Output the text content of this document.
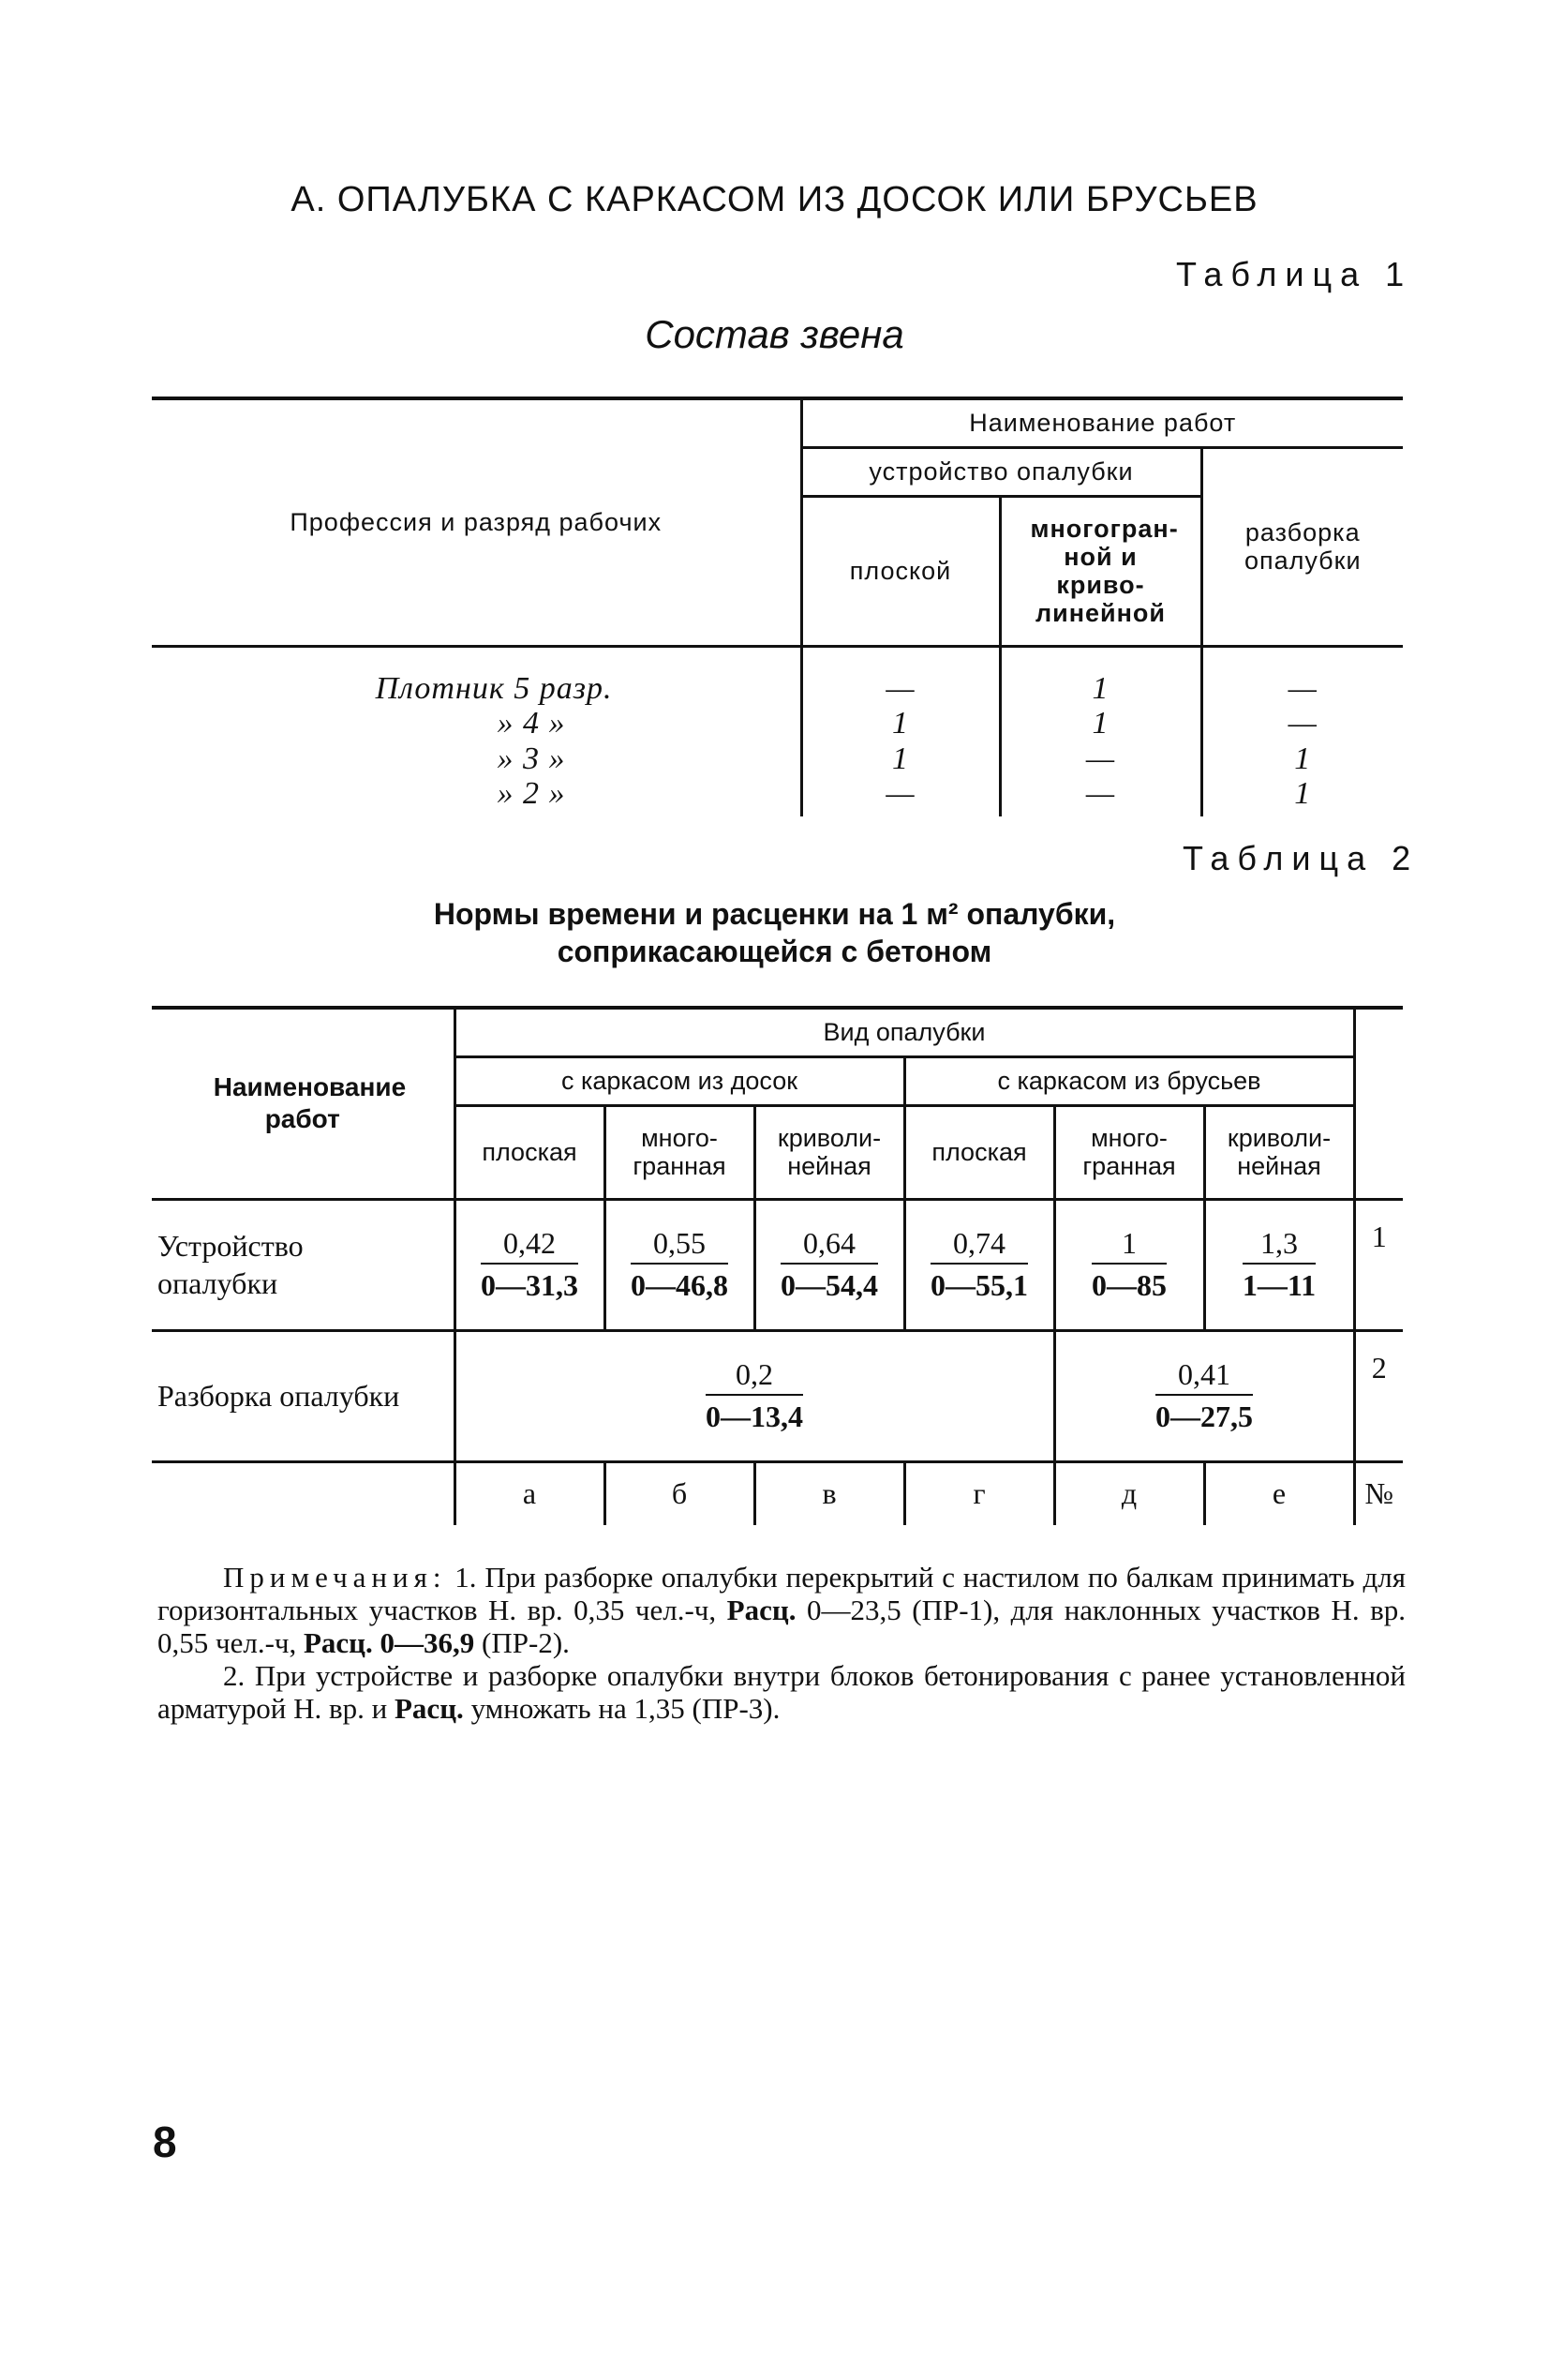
А. ОПАЛУБКА С КАРКАСОМ ИЗ ДОСОК ИЛИ БРУСЬЕВ
Таблица 1
Состав звена
Профессия и разряд рабочих	Наименование работ		
	устройство опалубки		разборка опалубки
	плоской	многогран-ной и криво-линейной	
Плотник 5 разр.	—	1	—
» 4 »	1	1	—
» 3 »	1	—	1
» 2 »	—	—	1
Таблица 2
Нормы времени и расценки на 1 м² опалубки,
соприкасающейся с бетоном
Наименование работ	Вид опалубки						
	с каркасом из досок			с каркасом из брусьев			
	плоская	много-гранная	криволи-нейная	плоская	много-гранная	криволи-нейная	
Устройство опалубки	$\frac{0,42}{0—31,3}$	$\frac{0,55}{0—46,8}$	$\frac{0,64}{0—54,4}$	$\frac{0,74}{0—55,1}$	$\frac{1}{0—85}$	$\frac{1,3}{1—11}$	1
Разборка опалубки	$\frac{0,2}{0—13,4}$				$\frac{0,41}{0—27,5}$		2
	а	б	в	г	д	е	№

Примечания: 1. При разборке опалубки перекрытий с настилом по балкам принимать для горизонтальных участков Н. вр. 0,35 чел.-ч, Расц. 0—23,5 (ПР-1), для наклонных участков Н. вр. 0,55 чел.-ч, Расц. 0—36,9 (ПР-2).

2. При устройстве и разборке опалубки внутри блоков бетонирования с ранее установленной арматурой Н. вр. и Расц. умножать на 1,35 (ПР-3).

8
